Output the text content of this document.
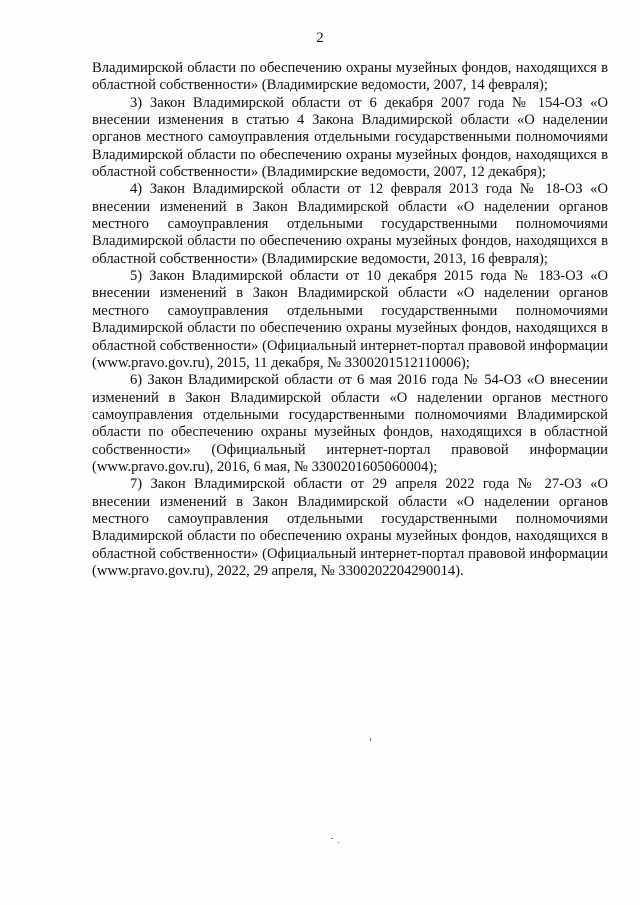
2

Владимирской области по обеспечению охраны музейных фондов, находящихся в областной собственности» (Владимирские ведомости, 2007, 14 февраля);

3) Закон Владимирской области от 6 декабря 2007 года № 154-ОЗ «О внесении изменения в статью 4 Закона Владимирской области «О наделении органов местного самоуправления отдельными государственными полномочиями Владимирской области по обеспечению охраны музейных фондов, находящихся в областной собственности» (Владимирские ведомости, 2007, 12 декабря);

4) Закон Владимирской области от 12 февраля 2013 года № 18-ОЗ «О внесении изменений в Закон Владимирской области «О наделении органов местного самоуправления отдельными государственными полномочиями Владимирской области по обеспечению охраны музейных фондов, находящихся в областной собственности» (Владимирские ведомости, 2013, 16 февраля);

5) Закон Владимирской области от 10 декабря 2015 года № 183-ОЗ «О внесении изменений в Закон Владимирской области «О наделении органов местного самоуправления отдельными государственными полномочиями Владимирской области по обеспечению охраны музейных фондов, находящихся в областной собственности» (Официальный интернет-портал правовой информации (www.pravo.gov.ru), 2015, 11 декабря, № 3300201512110006);

6) Закон Владимирской области от 6 мая 2016 года № 54-ОЗ «О внесении изменений в Закон Владимирской области «О наделении органов местного самоуправления отдельными государственными полномочиями Владимирской области по обеспечению охраны музейных фондов, находящихся в областной собственности» (Официальный интернет-портал правовой информации (www.pravo.gov.ru), 2016, 6 мая, № 3300201605060004);

7) Закон Владимирской области от 29 апреля 2022 года № 27-ОЗ «О внесении изменений в Закон Владимирской области «О наделении органов местного самоуправления отдельными государственными полномочиями Владимирской области по обеспечению охраны музейных фондов, находящихся в областной собственности» (Официальный интернет-портал правовой информации (www.pravo.gov.ru), 2022, 29 апреля, № 3300202204290014).
